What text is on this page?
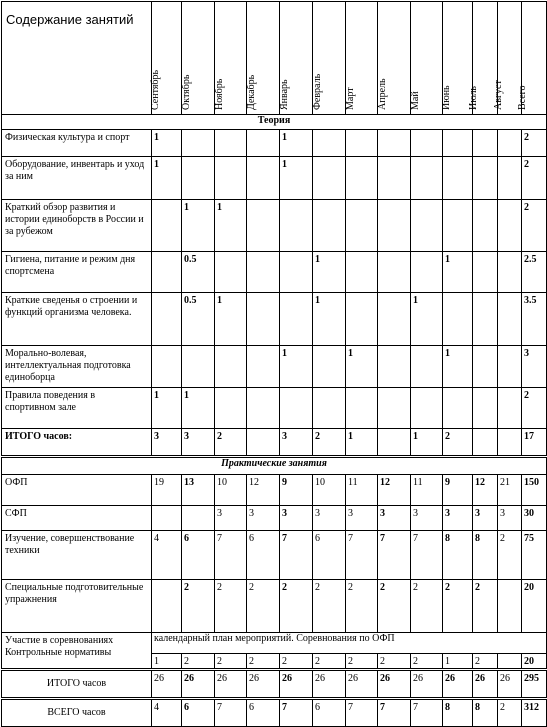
Содержание занятий	Сентябрь	Октябрь	Ноябрь	Декабрь	Январь	Февраль	Март	Апрель	Май	Июнь	Июль	Август	Всего

Теория													
Физическая культура и спорт	1				1								2
Оборудование, инвентарь и уход за ним	1				1								2
Краткий обзор развития и истории единоборств в России и за рубежом		1	1										2
Гигиена, питание и режим дня спортсмена		0.5				1				1			2.5
Краткие сведенья о строении и функций организма человека.		0.5	1			1			1				3.5
Морально-волевая, интеллектуальная подготовка единоборца					1		1			1			3
Правила поведения в спортивном зале	1	1											2
ИТОГО часов:	3	3	2		3	2	1		1	2			17
Практические занятия													
ОФП	19	13	10	12	9	10	11	12	11	9	12	21	150
СФП			3	3	3	3	3	3	3	3	3	3	30
Изучение, совершенствование техники	4	6	7	6	7	6	7	7	7	8	8	2	75
Специальные подготовительные упражнения		2	2	2	2	2	2	2	2	2	2		20
Участие в соревнованиях Контрольные нормативы	календарный план мероприятий. Соревнования по ОФП												
	1	2	2	2	2	2	2	2	2	1	2		20
ИТОГО часов	26	26	26	26	26	26	26	26	26	26	26	26	295
ВСЕГО часов	4	6	7	6	7	6	7	7	7	8	8	2	312
